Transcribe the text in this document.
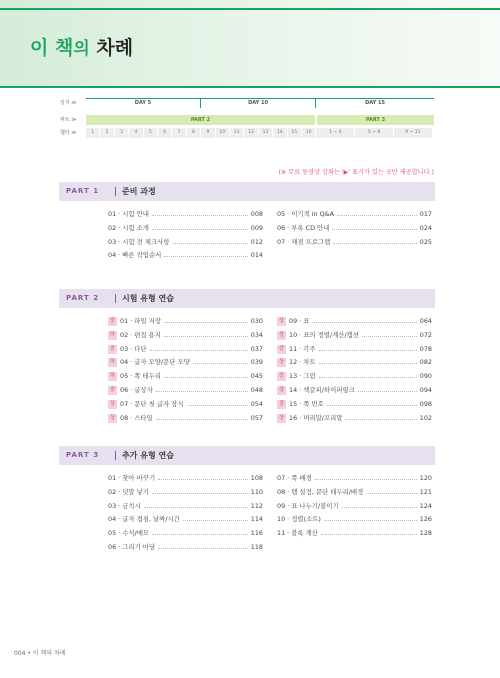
이 책의 차례
일자 ≫	DAY 5	DAY 10	DAY 15
파트 ≫	PART 2	PART 3
챕터 ≫	1	2	3	4	5	6	7	8	9	10	11	12	13	14	15	16	1 ~ 4	5 ~ 8	9 ~ 11
(※ 무료 동영상 강좌는 '▶' 표시가 있는 곳만 제공합니다.)
PART 1	준비 과정
01 · 시험 안내	008
02 · 시험 소개	009
03 · 시험 전 체크사항	012
04 · 빠른 작업순서	014
05 · 이기적 in Q&A	017
06 · 부록 CD 안내	024
07 · 채점 프로그램	025
PART 2	시험 유형 연습
중 01 · 파일 저장	030
하 02 · 편집 용지	034
중 03 · 다단	037
하 04 · 글자 모양/문단 모양	039
하 05 · 쪽 테두리	045
중 06 · 글상자	048
상 07 · 문단 첫 글자 장식	054
상 08 · 스타일	057
상 09 · 표	064
상 10 · 표의 정렬/계산/캡션	072
중 11 · 각주	078
상 12 · 차트	082
중 13 · 그림	090
상 14 · 책갈피/하이퍼링크	094
중 15 · 쪽 번호	098
상 16 · 머리말/꼬리말	102
PART 3	추가 유형 연습
01 · 찾아 바꾸기	108
02 · 덧말 넣기	110
03 · 금칙시	112
04 · 글자 겹침, 날짜/시간	114
05 · 수식/메모	116
06 · 그리기 마당	118
07 · 쪽 배경	120
08 · 탭 설정, 문단 테두리/배경	121
09 · 표 나누기/붙이기	124
10 · 정렬(소트)	126
11 · 블록 계산	128
004 • 이 책의 차례
